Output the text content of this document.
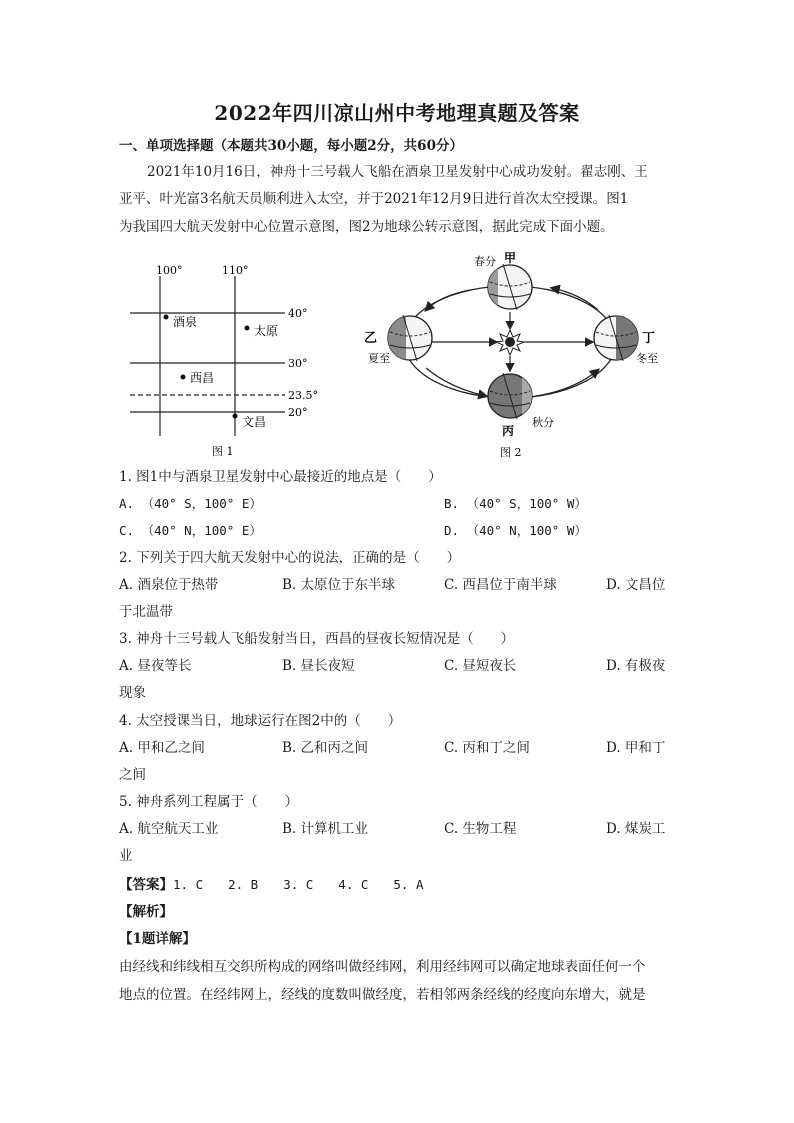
2022年四川凉山州中考地理真题及答案
一、单项选择题（本题共30小题，每小题2分，共60分）
2021年10月16日，神舟十三号载人飞船在酒泉卫星发射中心成功发射。翟志刚、王
亚平、叶光富3名航天员顺利进入太空，并于2021年12月9日进行首次太空授课。图1
为我国四大航天发射中心位置示意图，图2为地球公转示意图，据此完成下面小题。
100°	110°
40°
30°
23.5°
20°
酒泉
太原
西昌
文昌
图 1
春分 甲
乙
夏至
丙
秋分
丁
冬至
图 2
1. 图1中与酒泉卫星发射中心最接近的地点是（　　）
A. （40° S，100° E）	B. （40° S，100° W）
C. （40° N，100° E）	D. （40° N，100° W）
2. 下列关于四大航天发射中心的说法，正确的是（　　）
A. 酒泉位于热带	B. 太原位于东半球	C. 西昌位于南半球	D. 文昌位
于北温带
3. 神舟十三号载人飞船发射当日，西昌的昼夜长短情况是（　　）
A. 昼夜等长	B. 昼长夜短	C. 昼短夜长	D. 有极夜
现象
4. 太空授课当日，地球运行在图2中的（　　）
A. 甲和乙之间	B. 乙和丙之间	C. 丙和丁之间	D. 甲和丁
之间
5. 神舟系列工程属于（　　）
A. 航空航天工业	B. 计算机工业	C. 生物工程	D. 煤炭工
业
【答案】1. C　　2. B　　3. C　　4. C　　5. A
【解析】
【1题详解】
由经线和纬线相互交织所构成的网络叫做经纬网，利用经纬网可以确定地球表面任何一个
地点的位置。在经纬网上，经线的度数叫做经度，若相邻两条经线的经度向东增大，就是
